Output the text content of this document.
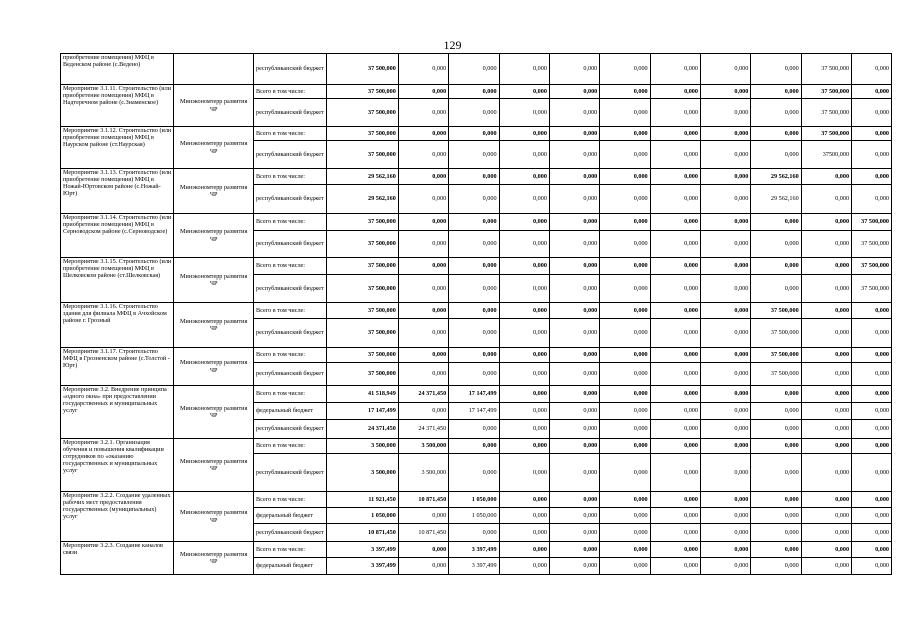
129
приобретение помещения) МФЦ в Веденском районе (с.Ведено)		республиканский бюджет	37 500,000	0,000	0,000	0,000	0,000	0,000	0,000	0,000	0,000	37 500,000	0,000
Мероприятие 3.1.11. Строительство (или приобретение помещения) МФЦ в Надтеречном районе (с.Знаменское)	Минэкономтерр развития ЧР	Всего в том числе:	37 500,000	0,000	0,000	0,000	0,000	0,000	0,000	0,000	0,000	37 500,000	0,000
		республиканский бюджет	37 500,000	0,000	0,000	0,000	0,000	0,000	0,000	0,000	0,000	37 500,000	0,000
Мероприятие 3.1.12. Строительство (или приобретение помещения) МФЦ в Наурском районе (ст.Наурская)	Минэкономтерр развития ЧР	Всего в том числе:	37 500,000	0,000	0,000	0,000	0,000	0,000	0,000	0,000	0,000	37 500,000	0,000
		республиканский бюджет	37 500,000	0,000	0,000	0,000	0,000	0,000	0,000	0,000	0,000	37500,000	0,000
Мероприятие 3.1.13. Строительство (или приобретение помещения) МФЦ в Ножай-Юртовском районе (с.Ножай-Юрт)	Минэкономтерр развития ЧР	Всего в том числе:	29 562,160	0,000	0,000	0,000	0,000	0,000	0,000	0,000	29 562,160	0,000	0,000
		республиканский бюджет	29 562,160	0,000	0,000	0,000	0,000	0,000	0,000	0,000	29 562,160	0,000	0,000
Мероприятие 3.1.14. Строительство (или приобретение помещения) МФЦ в Серноводском районе (с.Серноводское)	Минэкономтерр развития ЧР	Всего в том числе:	37 500,000	0,000	0,000	0,000	0,000	0,000	0,000	0,000	0,000	0,000	37 500,000
		республиканский бюджет	37 500,000	0,000	0,000	0,000	0,000	0,000	0,000	0,000	0,000	0,000	37 500,000
Мероприятие 3.1.15. Строительство (или приобретение помещения) МФЦ в Шелковском районе (ст.Шелковская)	Минэкономтерр развития ЧР	Всего в том числе:	37 500,000	0,000	0,000	0,000	0,000	0,000	0,000	0,000	0,000	0,000	37 500,000
		республиканский бюджет	37 500,000	0,000	0,000	0,000	0,000	0,000	0,000	0,000	0,000	0,000	37 500,000
Мероприятие 3.1.16. Строительство здания для филиала МФЦ в Ачхойском районе г. Грозный	Минэкономтерр развития ЧР	Всего в том числе:	37 500,000	0,000	0,000	0,000	0,000	0,000	0,000	0,000	37 500,000	0,000	0,000
		республиканский бюджет	37 500,000	0,000	0,000	0,000	0,000	0,000	0,000	0,000	37 500,000	0,000	0,000
Мероприятие 3.1.17. Строительство МФЦ в Грозненском районе (с.Толстой - Юрт)	Минэкономтерр развития ЧР	Всего в том числе:	37 500,000	0,000	0,000	0,000	0,000	0,000	0,000	0,000	37 500,000	0,000	0,000
		республиканский бюджет	37 500,000	0,000	0,000	0,000	0,000	0,000	0,000	0,000	37 500,000	0,000	0,000
Мероприятие 3.2. Внедрение принципа «одного окна» при предоставлении государственных и муниципальных услуг	Минэкономтерр развития ЧР	Всего в том числе:	41 518,949	24 371,450	17 147,499	0,000	0,000	0,000	0,000	0,000	0,000	0,000	0,000
		федеральный бюджет	17 147,499	0,000	17 147,499	0,000	0,000	0,000	0,000	0,000	0,000	0,000	0,000
		республиканский бюджет	24 371,450	24 371,450	0,000	0,000	0,000	0,000	0,000	0,000	0,000	0,000	0,000
Мероприятие 3.2.1. Организация обучения и повышения квалификации сотрудников по «оказанию государственных и муниципальных услуг	Минэкономтерр развития ЧР	Всего в том числе:	3 500,000	3 500,000	0,000	0,000	0,000	0,000	0,000	0,000	0,000	0,000	0,000
		республиканский бюджет	3 500,000	3 500,000	0,000	0,000	0,000	0,000	0,000	0,000	0,000	0,000	0,000
Мероприятие 3.2.2. Создание удаленных рабочих мест предоставления государственных (муниципальных) услуг	Минэкономтерр развития ЧР	Всего в том числе:	11 921,450	10 871,450	1 050,000	0,000	0,000	0,000	0,000	0,000	0,000	0,000	0,000
		федеральный бюджет	1 050,000	0,000	1 050,000	0,000	0,000	0,000	0,000	0,000	0,000	0,000	0,000
		республиканский бюджет	10 871,450	10 871,450	0,000	0,000	0,000	0,000	0,000	0,000	0,000	0,000	0,000
Мероприятие 3.2.3. Создание каналов связи	Минэкономтерр развития ЧР	Всего в том числе:	3 397,499	0,000	3 397,499	0,000	0,000	0,000	0,000	0,000	0,000	0,000	0,000
		федеральный бюджет	3 397,499	0,000	3 397,499	0,000	0,000	0,000	0,000	0,000	0,000	0,000	0,000
